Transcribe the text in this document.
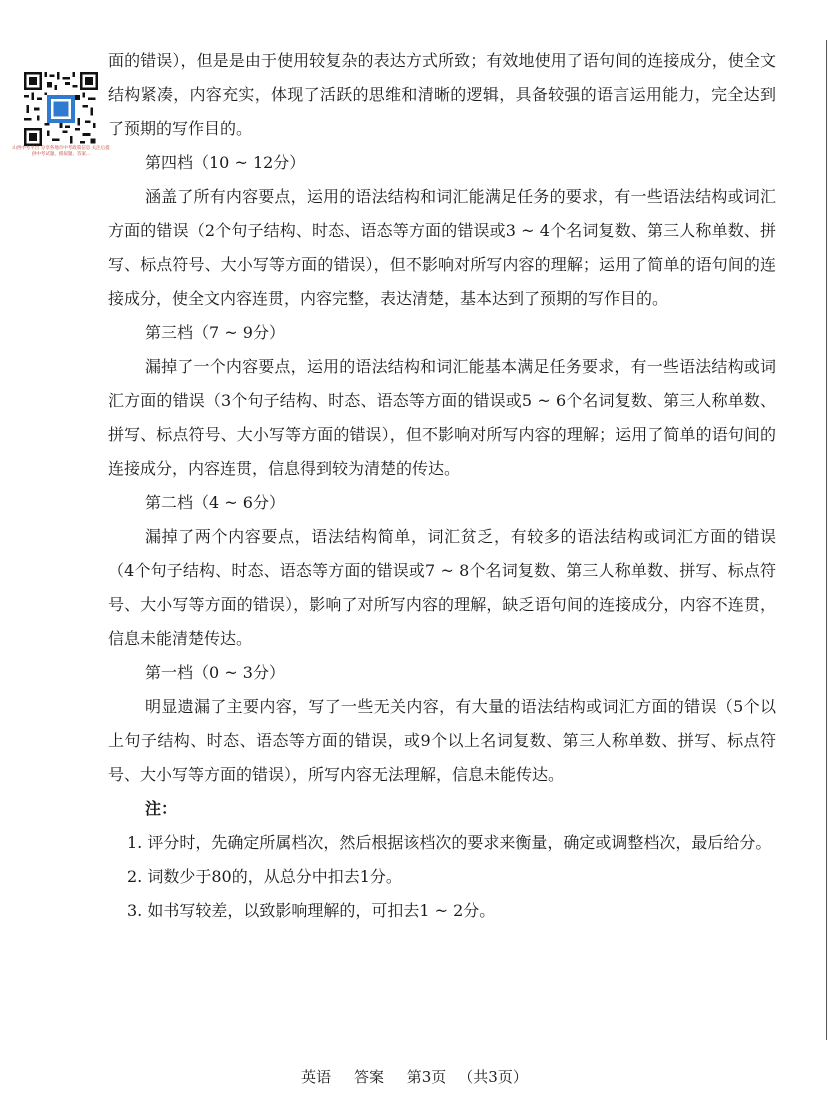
山西中考平台 分享各地市中考政策信息 关注后提供中考试题、模拟题、答案...

面的错误），但是是由于使用较复杂的表达方式所致；有效地使用了语句间的连接成分，使全文结构紧凑，内容充实，体现了活跃的思维和清晰的逻辑，具备较强的语言运用能力，完全达到了预期的写作目的。

第四档（10 ~ 12分）

涵盖了所有内容要点，运用的语法结构和词汇能满足任务的要求，有一些语法结构或词汇方面的错误（2个句子结构、时态、语态等方面的错误或3 ~ 4个名词复数、第三人称单数、拼写、标点符号、大小写等方面的错误），但不影响对所写内容的理解；运用了简单的语句间的连接成分，使全文内容连贯，内容完整，表达清楚，基本达到了预期的写作目的。

第三档（7 ~ 9分）

漏掉了一个内容要点，运用的语法结构和词汇能基本满足任务要求，有一些语法结构或词汇方面的错误（3个句子结构、时态、语态等方面的错误或5 ~ 6个名词复数、第三人称单数、拼写、标点符号、大小写等方面的错误），但不影响对所写内容的理解；运用了简单的语句间的连接成分，内容连贯，信息得到较为清楚的传达。

第二档（4 ~ 6分）

漏掉了两个内容要点，语法结构简单，词汇贫乏，有较多的语法结构或词汇方面的错误（4个句子结构、时态、语态等方面的错误或7 ~ 8个名词复数、第三人称单数、拼写、标点符号、大小写等方面的错误），影响了对所写内容的理解，缺乏语句间的连接成分，内容不连贯，信息未能清楚传达。

第一档（0 ~ 3分）

明显遗漏了主要内容，写了一些无关内容，有大量的语法结构或词汇方面的错误（5个以上句子结构、时态、语态等方面的错误，或9个以上名词复数、第三人称单数、拼写、标点符号、大小写等方面的错误），所写内容无法理解，信息未能传达。

注：

1. 评分时，先确定所属档次，然后根据该档次的要求来衡量，确定或调整档次，最后给分。

2. 词数少于80的，从总分中扣去1分。

3. 如书写较差，以致影响理解的，可扣去1 ~ 2分。

英语 答案 第3页 （共3页）
